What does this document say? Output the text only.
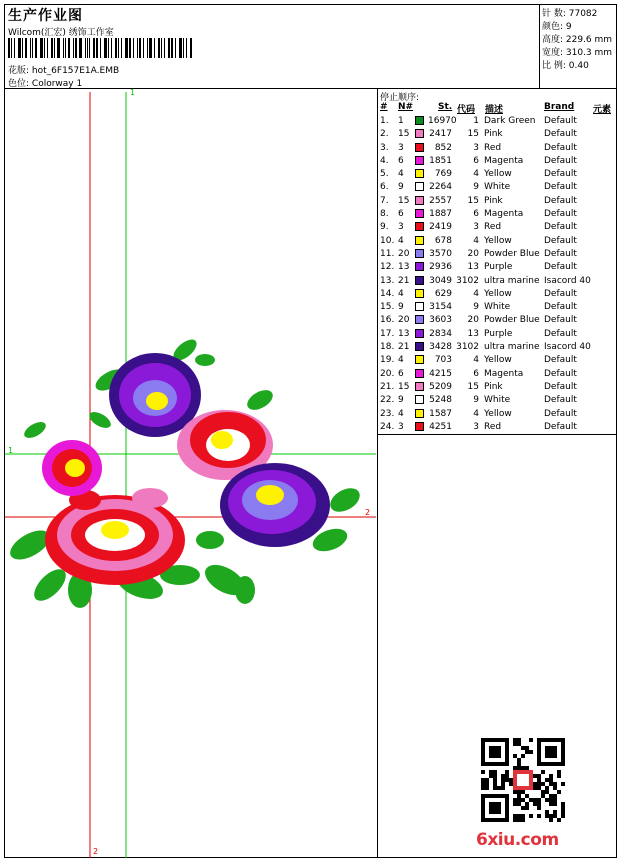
生产作业图
Wilcom(汇宏) 绣饰工作室
花版: hot_6F157E1A.EMB
色位: Colorway 1
针 数: 77082
颜色: 9
高度: 229.6 mm
宽度: 310.3 mm
比 例: 0.40
停止顺序:
# N#	St. 代码 描述	Brand 元素
1. 1	16970	1 Dark Green Default
2. 15 2417	15 Pink	Default
3. 3	852	3 Red	Default
4. 6	1851	6 Magenta Default
5. 4	769	4 Yellow	Default
6. 9	2264	9 White	Default
7. 15 2557	15 Pink	Default
8. 6	1887	6 Magenta Default
9. 3	2419	3 Red	Default
10. 4	678	4 Yellow	Default
11. 20 3570	20 Powder Blue Default
12. 13 2936	13 Purple	Default
13. 21 3049 3102 ultra marine Isacord 40
14. 4	629	4 Yellow	Default
15. 9	3154	9 White	Default
16. 20 3603	20 Powder Blue Default
17. 13 2834	13 Purple	Default
18. 21 3428 3102 ultra marine Isacord 40
19. 4	703	4 Yellow	Default
20. 6	4215	6 Magenta Default
21. 15 5209	15 Pink	Default
22. 9	5248	9 White	Default
23. 4	1587	4 Yellow	Default
24. 3	4251	3 Red	Default
1
1
2
2
6xiu.com
